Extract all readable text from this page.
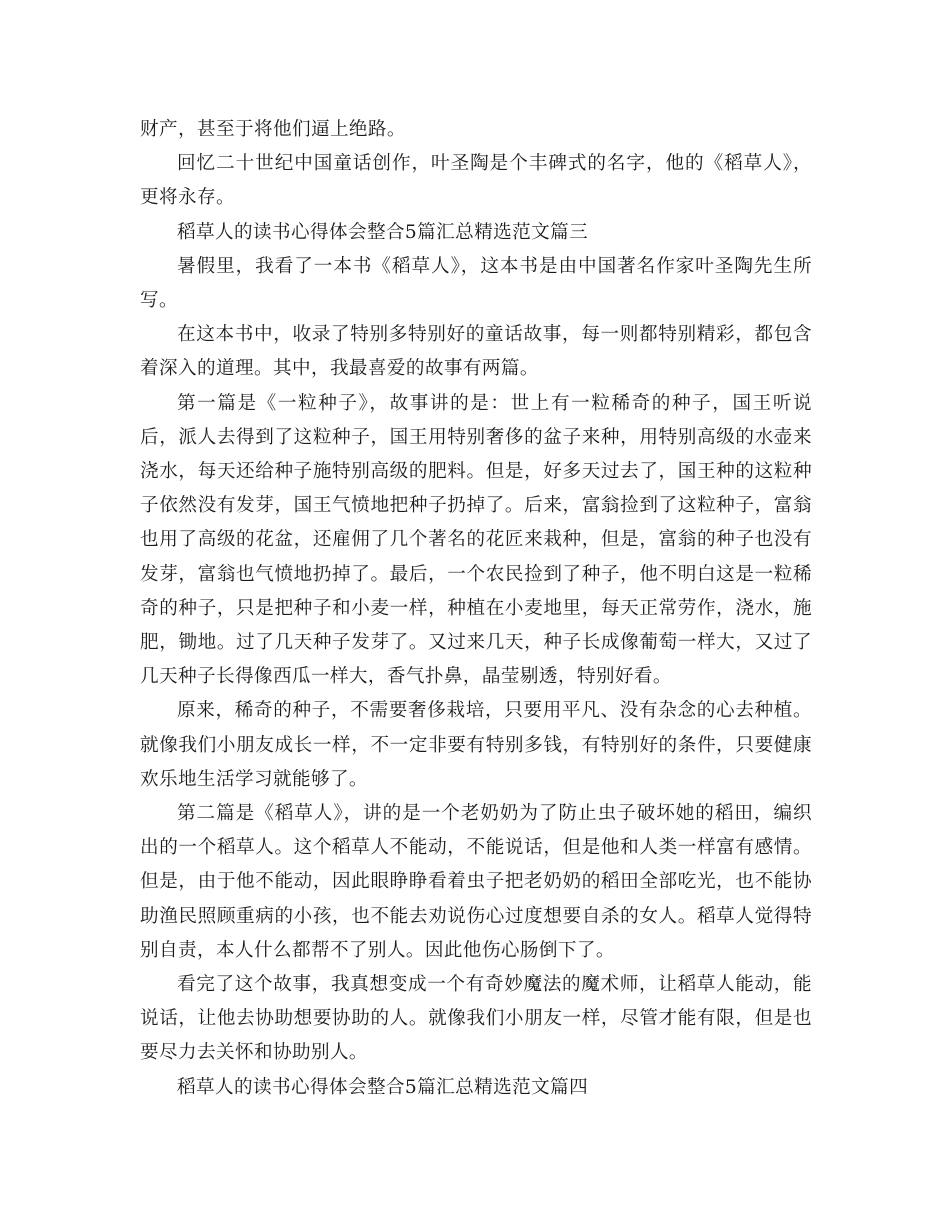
财产，甚至于将他们逼上绝路。

回忆二十世纪中国童话创作，叶圣陶是个丰碑式的名字，他的《稻草人》，更将永存。

稻草人的读书心得体会整合5篇汇总精选范文篇三

暑假里，我看了一本书《稻草人》，这本书是由中国著名作家叶圣陶先生所写。

在这本书中，收录了特别多特别好的童话故事，每一则都特别精彩，都包含着深入的道理。其中，我最喜爱的故事有两篇。

第一篇是《一粒种子》，故事讲的是：世上有一粒稀奇的种子，国王听说后，派人去得到了这粒种子，国王用特别奢侈的盆子来种，用特别高级的水壶来浇水，每天还给种子施特别高级的肥料。但是，好多天过去了，国王种的这粒种子依然没有发芽，国王气愤地把种子扔掉了。后来，富翁捡到了这粒种子，富翁也用了高级的花盆，还雇佣了几个著名的花匠来栽种，但是，富翁的种子也没有发芽，富翁也气愤地扔掉了。最后，一个农民捡到了种子，他不明白这是一粒稀奇的种子，只是把种子和小麦一样，种植在小麦地里，每天正常劳作，浇水，施肥，锄地。过了几天种子发芽了。又过来几天，种子长成像葡萄一样大，又过了几天种子长得像西瓜一样大，香气扑鼻，晶莹剔透，特别好看。

原来，稀奇的种子，不需要奢侈栽培，只要用平凡、没有杂念的心去种植。就像我们小朋友成长一样，不一定非要有特别多钱，有特别好的条件，只要健康欢乐地生活学习就能够了。

第二篇是《稻草人》，讲的是一个老奶奶为了防止虫子破坏她的稻田，编织出的一个稻草人。这个稻草人不能动，不能说话，但是他和人类一样富有感情。但是，由于他不能动，因此眼睁睁看着虫子把老奶奶的稻田全部吃光，也不能协助渔民照顾重病的小孩，也不能去劝说伤心过度想要自杀的女人。稻草人觉得特别自责，本人什么都帮不了别人。因此他伤心肠倒下了。

看完了这个故事，我真想变成一个有奇妙魔法的魔术师，让稻草人能动，能说话，让他去协助想要协助的人。就像我们小朋友一样，尽管才能有限，但是也要尽力去关怀和协助别人。

稻草人的读书心得体会整合5篇汇总精选范文篇四
